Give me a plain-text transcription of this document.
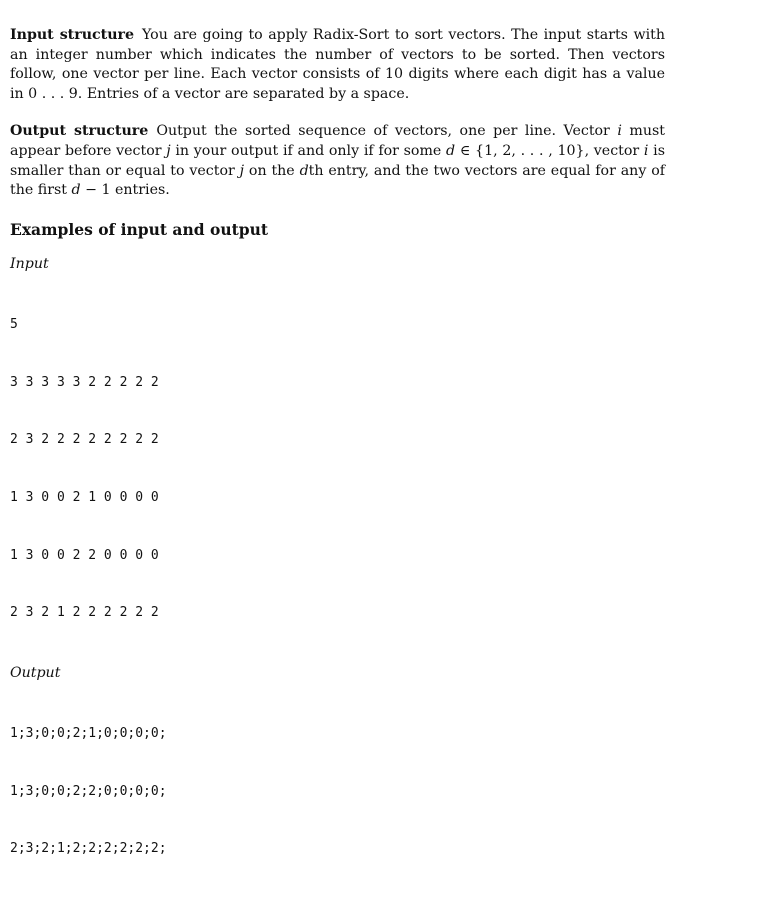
Input structure You are going to apply Radix-Sort to sort vectors. The input starts with an integer number which indicates the number of vectors to be sorted. Then vectors follow, one vector per line. Each vector consists of 10 digits where each digit has a value in 0 . . . 9. Entries of a vector are separated by a space.

Output structure Output the sorted sequence of vectors, one per line. Vector i must appear before vector j in your output if and only if for some d ∈ {1, 2, . . . , 10}, vector i is smaller than or equal to vector j on the dth entry, and the two vectors are equal for any of the first d − 1 entries.

Examples of input and output
Input

5

3 3 3 3 3 2 2 2 2 2

2 3 2 2 2 2 2 2 2 2

1 3 0 0 2 1 0 0 0 0

1 3 0 0 2 2 0 0 0 0

2 3 2 1 2 2 2 2 2 2

Output

1;3;0;0;2;1;0;0;0;0;

1;3;0;0;2;2;0;0;0;0;

2;3;2;1;2;2;2;2;2;2;
